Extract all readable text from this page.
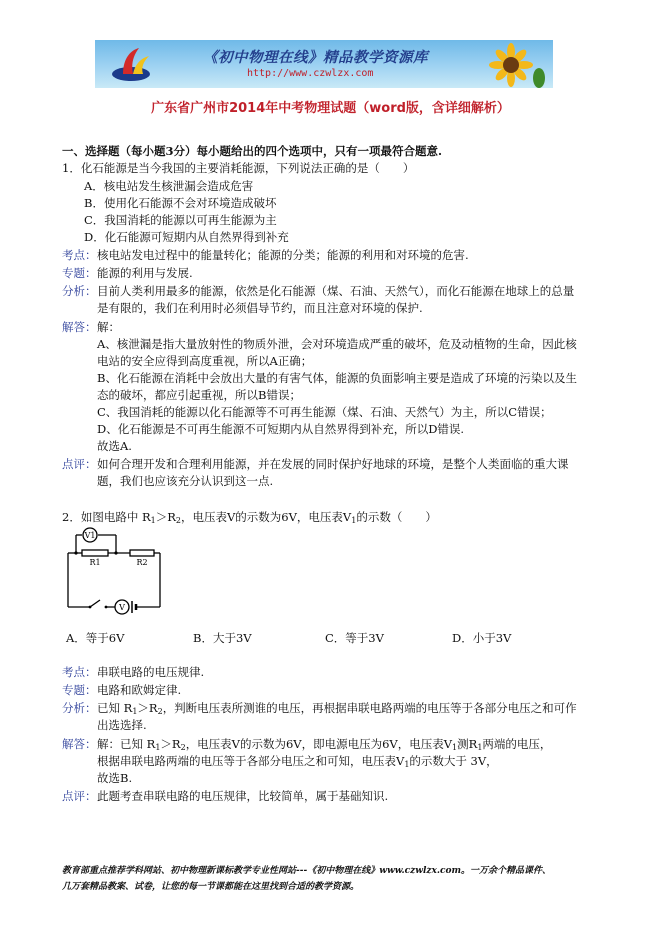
《初中物理在线》精品教学资源库
http://www.czwlzx.com
广东省广州市2014年中考物理试题（word版，含详细解析）
一、选择题（每小题3分）每小题给出的四个选项中，只有一项最符合题意.
1．化石能源是当今我国的主要消耗能源，下列说法正确的是（　　）
A．核电站发生核泄漏会造成危害
B．使用化石能源不会对环境造成破坏
C．我国消耗的能源以可再生能源为主
D．化石能源可短期内从自然界得到补充
考点： 核电站发电过程中的能量转化；能源的分类；能源的利用和对环境的危害.
专题： 能源的利用与发展.
分析： 目前人类利用最多的能源，依然是化石能源（煤、石油、天然气），而化石能源在地球上的总量
是有限的，我们在利用时必须倡导节约，而且注意对环境的保护.
解答： 解：
A、核泄漏是指大量放射性的物质外泄，会对环境造成严重的破坏，危及动植物的生命，因此核
电站的安全应得到高度重视，所以A正确；
B、化石能源在消耗中会放出大量的有害气体，能源的负面影响主要是造成了环境的污染以及生
态的破坏，都应引起重视，所以B错误；
C、我国消耗的能源以化石能源等不可再生能源（煤、石油、天然气）为主，所以C错误；
D、化石能源是不可再生能源不可短期内从自然界得到补充，所以D错误.
故选A.
点评： 如何合理开发和合理利用能源，并在发展的同时保护好地球的环境，是整个人类面临的重大课
题，我们也应该充分认识到这一点.
2．如图电路中 $R_1>R_2$，电压表V的示数为6V，电压表$V_1$的示数（　　）
V1
R1	R2
V
A．等于6V	B．大于3V	C．等于3V	D．小于3V
考点： 串联电路的电压规律.
专题： 电路和欧姆定律.
分析： 已知 $R_1>R_2$，判断电压表所测谁的电压，再根据串联电路两端的电压等于各部分电压之和可作
出选选择.
解答： 解：已知 $R_1>R_2$，电压表V的示数为6V，即电源电压为6V，电压表$V_1$测$R_1$两端的电压，
根据串联电路两端的电压等于各部分电压之和可知，电压表$V_1$的示数大于 3V，
故选B.
点评： 此题考查串联电路的电压规律，比较简单，属于基础知识.
教育部重点推荐学科网站、初中物理新课标教学专业性网站---《初中物理在线》www.czwlzx.com。一万余个精品课件、
几万套精品教案、试卷，让您的每一节课都能在这里找到合适的教学资源。
